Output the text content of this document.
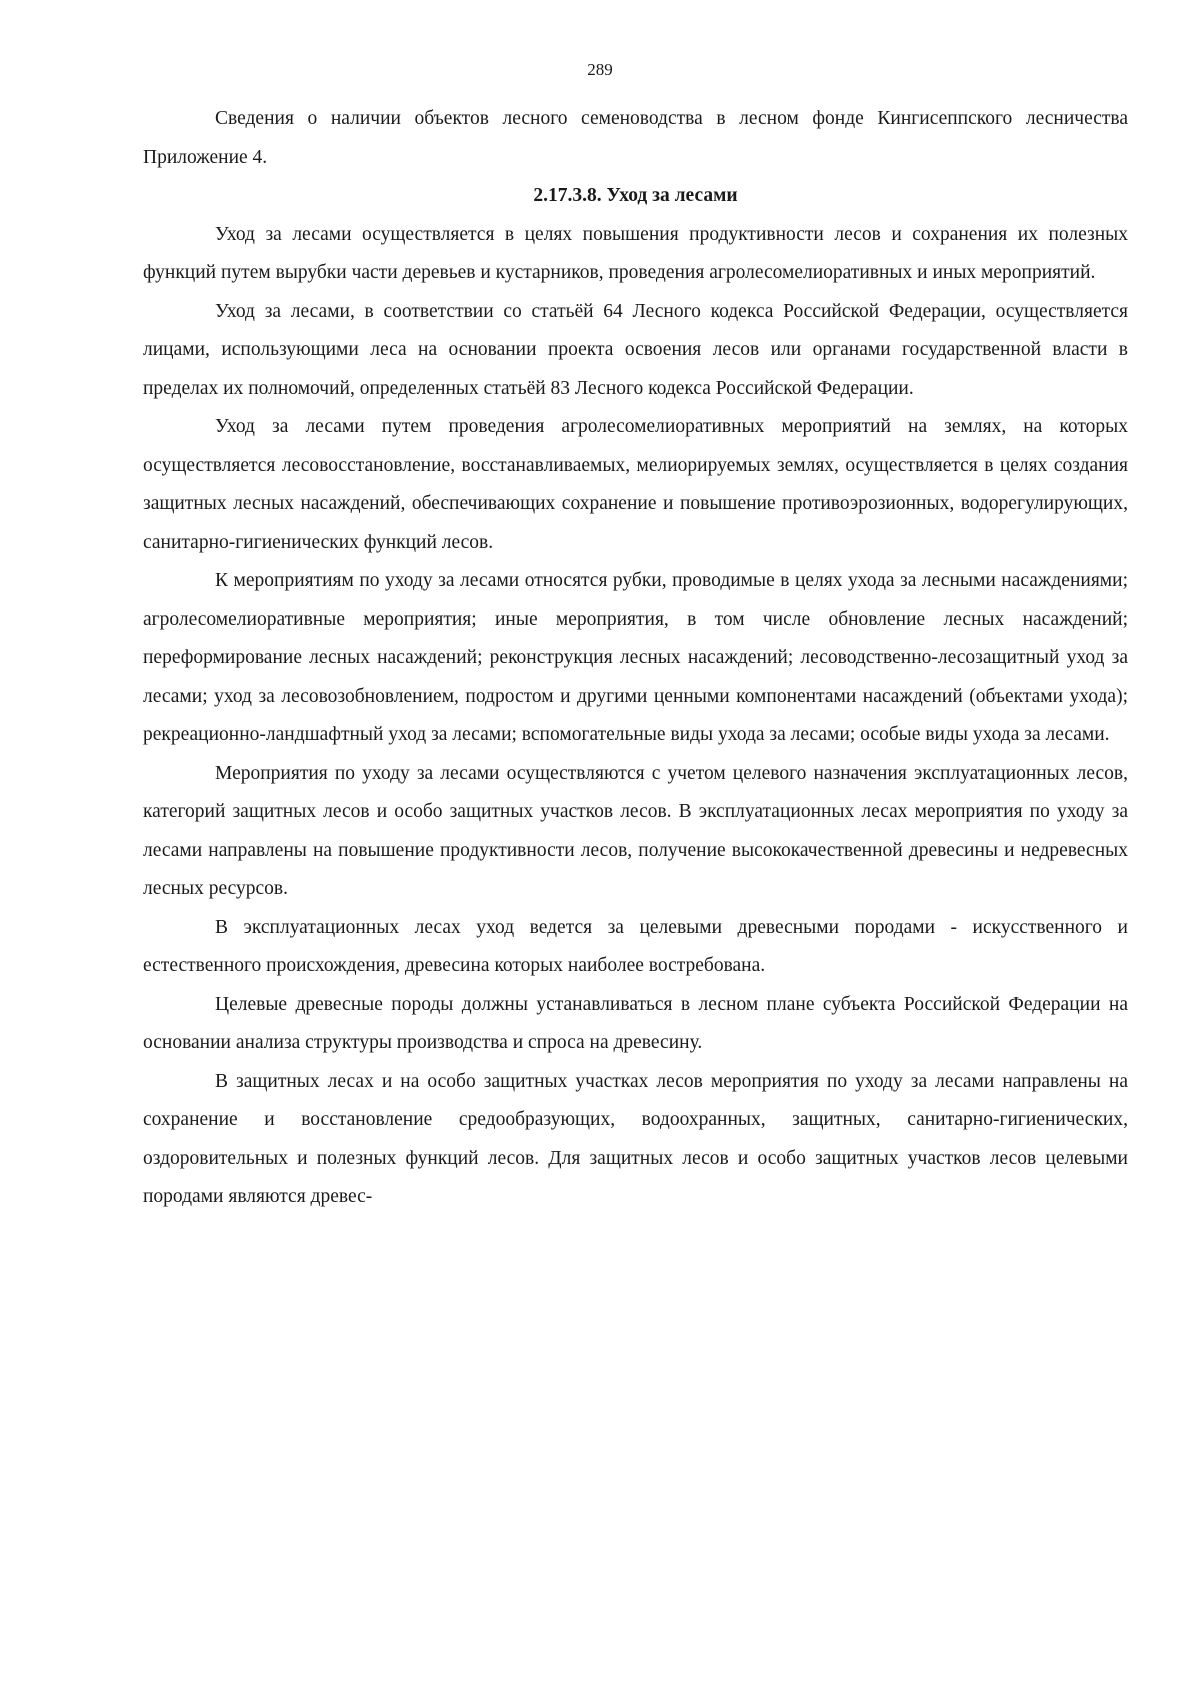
289

Сведения о наличии объектов лесного семеноводства в лесном фонде Кингисеппского лесничества Приложение 4.

2.17.3.8. Уход за лесами

Уход за лесами осуществляется в целях повышения продуктивности лесов и сохранения их полезных функций путем вырубки части деревьев и кустарников, проведения агролесомелиоративных и иных мероприятий.

Уход за лесами, в соответствии со статьёй 64 Лесного кодекса Российской Федерации, осуществляется лицами, использующими леса на основании проекта освоения лесов или органами государственной власти в пределах их полномочий, определенных статьёй 83 Лесного кодекса Российской Федерации.

Уход за лесами путем проведения агролесомелиоративных мероприятий на землях, на которых осуществляется лесовосстановление, восстанавливаемых, мелиорируемых землях, осуществляется в целях создания защитных лесных насаждений, обеспечивающих сохранение и повышение противоэрозионных, водорегулирующих, санитарно-гигиенических функций лесов.

К мероприятиям по уходу за лесами относятся рубки, проводимые в целях ухода за лесными насаждениями; агролесомелиоративные мероприятия; иные мероприятия, в том числе обновление лесных насаждений; переформирование лесных насаждений; реконструкция лесных насаждений; лесоводственно-лесозащитный уход за лесами; уход за лесовозобновлением, подростом и другими ценными компонентами насаждений (объектами ухода); рекреационно-ландшафтный уход за лесами; вспомогательные виды ухода за лесами; особые виды ухода за лесами.

Мероприятия по уходу за лесами осуществляются с учетом целевого назначения эксплуатационных лесов, категорий защитных лесов и особо защитных участков лесов. В эксплуатационных лесах мероприятия по уходу за лесами направлены на повышение продуктивности лесов, получение высококачественной древесины и недревесных лесных ресурсов.

В эксплуатационных лесах уход ведется за целевыми древесными породами - искусственного и естественного происхождения, древесина которых наиболее востребована.

Целевые древесные породы должны устанавливаться в лесном плане субъекта Российской Федерации на основании анализа структуры производства и спроса на древесину.

В защитных лесах и на особо защитных участках лесов мероприятия по уходу за лесами направлены на сохранение и восстановление средообразующих, водоохранных, защитных, санитарно-гигиенических, оздоровительных и полезных функций лесов. Для защитных лесов и особо защитных участков лесов целевыми породами являются древес-
